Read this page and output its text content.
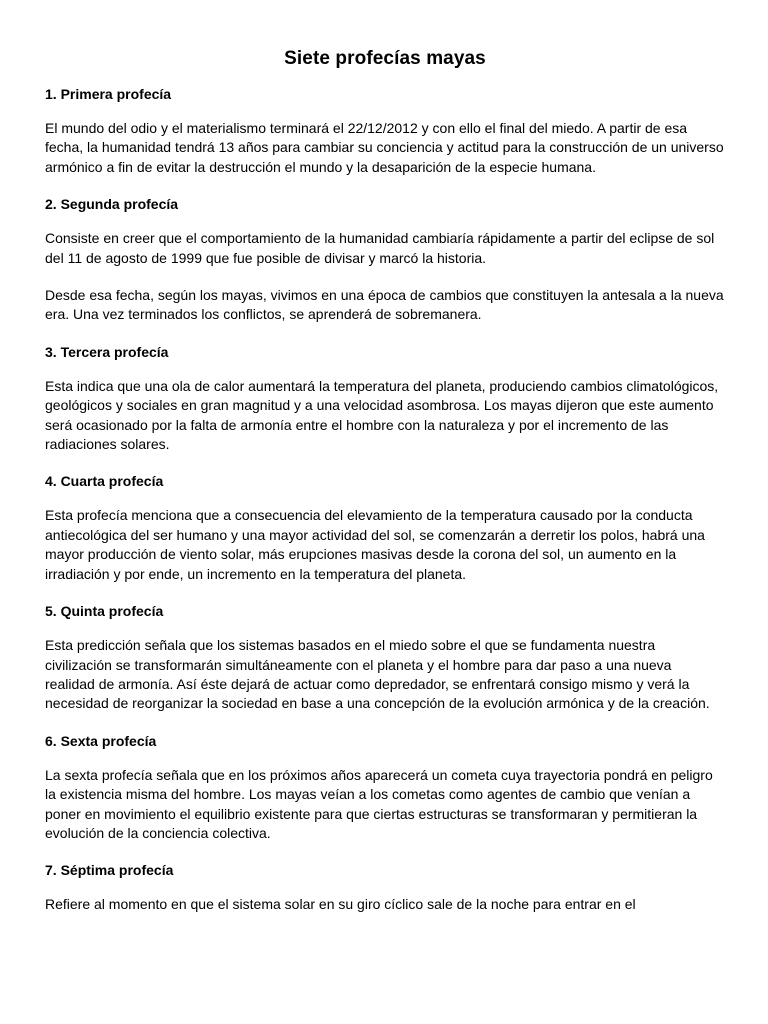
Siete profecías mayas
1. Primera profecía

El mundo del odio y el materialismo terminará el 22/12/2012 y con ello el final del miedo. A partir de esa fecha, la humanidad tendrá 13 años para cambiar su conciencia y actitud para la construcción de un universo armónico a fin de evitar la destrucción el mundo y la desaparición de la especie humana.

2. Segunda profecía

Consiste en creer que el comportamiento de la humanidad cambiaría rápidamente a partir del eclipse de sol del 11 de agosto de 1999 que fue posible de divisar y marcó la historia.

Desde esa fecha, según los mayas, vivimos en una época de cambios que constituyen la antesala a la nueva era. Una vez terminados los conflictos, se aprenderá de sobremanera.

3. Tercera profecía

Esta indica que una ola de calor aumentará la temperatura del planeta, produciendo cambios climatológicos, geológicos y sociales en gran magnitud y a una velocidad asombrosa. Los mayas dijeron que este aumento será ocasionado por la falta de armonía entre el hombre con la naturaleza y por el incremento de las radiaciones solares.

4. Cuarta profecía

Esta profecía menciona que a consecuencia del elevamiento de la temperatura causado por la conducta antiecológica del ser humano y una mayor actividad del sol, se comenzarán a derretir los polos, habrá una mayor producción de viento solar, más erupciones masivas desde la corona del sol, un aumento en la irradiación y por ende, un incremento en la temperatura del planeta.

5. Quinta profecía

Esta predicción señala que los sistemas basados en el miedo sobre el que se fundamenta nuestra civilización se transformarán simultáneamente con el planeta y el hombre para dar paso a una nueva realidad de armonía. Así éste dejará de actuar como depredador, se enfrentará consigo mismo y verá la necesidad de reorganizar la sociedad en base a una concepción de la evolución armónica y de la creación.

6. Sexta profecía

La sexta profecía señala que en los próximos años aparecerá un cometa cuya trayectoria pondrá en peligro la existencia misma del hombre. Los mayas veían a los cometas como agentes de cambio que venían a poner en movimiento el equilibrio existente para que ciertas estructuras se transformaran y permitieran la evolución de la conciencia colectiva.

7. Séptima profecía

Refiere al momento en que el sistema solar en su giro cíclico sale de la noche para entrar en el
